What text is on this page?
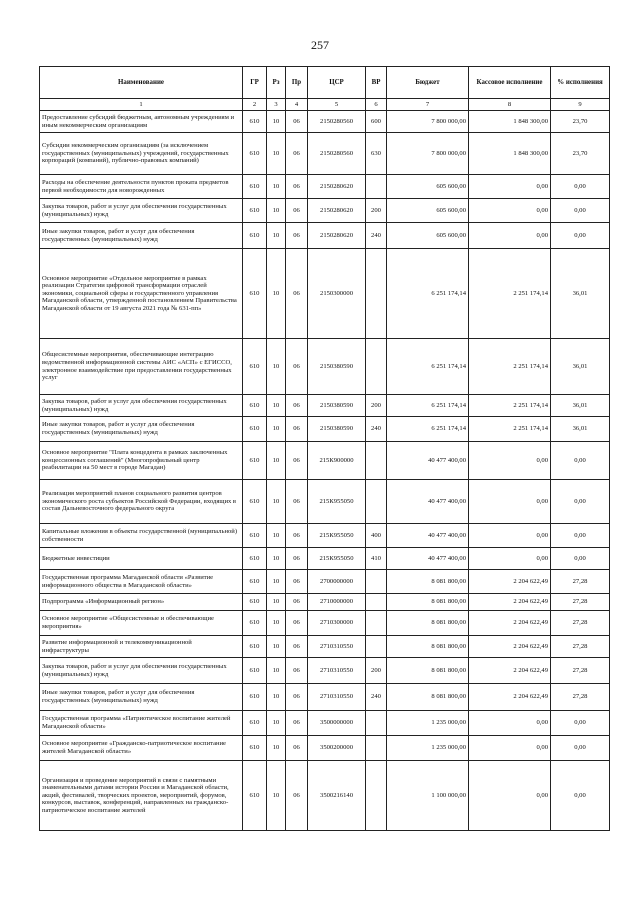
257
Наименование	ГР	Рз	Пр	ЦСР	ВР	Бюджет	Кассовое исполнение	% исполнения
1	2	3	4	5	6	7	8	9
Предоставление субсидий бюджетным, автономным учреждениям и иным некоммерческим организациям	610	10	06	2150280560	600	7 800 000,00	1 848 300,00	23,70
Субсидии некоммерческим организациям (за исключением государственных (муниципальных) учреждений, государственных корпораций (компаний), публично-правовых компаний)	610	10	06	2150280560	630	7 800 000,00	1 848 300,00	23,70
Расходы на обеспечение деятельности пунктов проката предметов первой необходимости для новорожденных	610	10	06	2150280620		605 600,00	0,00	0,00
Закупка товаров, работ и услуг для обеспечения государственных (муниципальных) нужд	610	10	06	2150280620	200	605 600,00	0,00	0,00
Иные закупки товаров, работ и услуг для обеспечения государственных (муниципальных) нужд	610	10	06	2150280620	240	605 600,00	0,00	0,00
Основное мероприятие «Отдельное мероприятие в рамках реализации Стратегии цифровой трансформации отраслей экономики, социальной сферы и государственного управления Магаданской области, утвержденной постановлением Правительства Магаданской области от 19 августа 2021 года № 631-пп»	610	10	06	2150300000		6 251 174,14	2 251 174,14	36,01
Общесистемные мероприятия, обеспечивающие интеграцию ведомственной информационной системы АИС «АСП» с ЕГИССО, электронное взаимодействие при предоставлении государственных услуг	610	10	06	2150380590		6 251 174,14	2 251 174,14	36,01
Закупка товаров, работ и услуг для обеспечения государственных (муниципальных) нужд	610	10	06	2150380590	200	6 251 174,14	2 251 174,14	36,01
Иные закупки товаров, работ и услуг для обеспечения государственных (муниципальных) нужд	610	10	06	2150380590	240	6 251 174,14	2 251 174,14	36,01
Основное мероприятие "Плата концедента в рамках заключенных концессионных соглашений" (Многопрофильный центр реабилитации на 50 мест в городе Магадан)	610	10	06	215К900000		40 477 400,00	0,00	0,00
Реализация мероприятий планов социального развития центров экономического роста субъектов Российской Федерации, входящих в состав Дальневосточного федерального округа	610	10	06	215К955050		40 477 400,00	0,00	0,00
Капитальные вложения в объекты государственной (муниципальной) собственности	610	10	06	215К955050	400	40 477 400,00	0,00	0,00
Бюджетные инвестиции	610	10	06	215К955050	410	40 477 400,00	0,00	0,00
Государственная программа Магаданской области «Развитие информационного общества в Магаданской области»	610	10	06	2700000000		8 081 800,00	2 204 622,49	27,28
Подпрограмма «Информационный регион»	610	10	06	2710000000		8 081 800,00	2 204 622,49	27,28
Основное мероприятие «Общесистемные и обеспечивающие мероприятия»	610	10	06	2710300000		8 081 800,00	2 204 622,49	27,28
Развитие информационной и телекоммуникационной инфраструктуры	610	10	06	2710310550		8 081 800,00	2 204 622,49	27,28
Закупка товаров, работ и услуг для обеспечения государственных (муниципальных) нужд	610	10	06	2710310550	200	8 081 800,00	2 204 622,49	27,28
Иные закупки товаров, работ и услуг для обеспечения государственных (муниципальных) нужд	610	10	06	2710310550	240	8 081 800,00	2 204 622,49	27,28
Государственная программа «Патриотическое воспитание жителей Магаданской области»	610	10	06	3500000000		1 235 000,00	0,00	0,00
Основное мероприятие «Гражданско-патриотическое воспитание жителей Магаданской области»	610	10	06	3500200000		1 235 000,00	0,00	0,00
Организация и проведение мероприятий в связи с памятными знаменательными датами истории России и Магаданской области, акций, фестивалей, творческих проектов, мероприятий, форумов, конкурсов, выставок, конференций, направленных на гражданско-патриотическое воспитание жителей	610	10	06	3500216140		1 100 000,00	0,00	0,00
